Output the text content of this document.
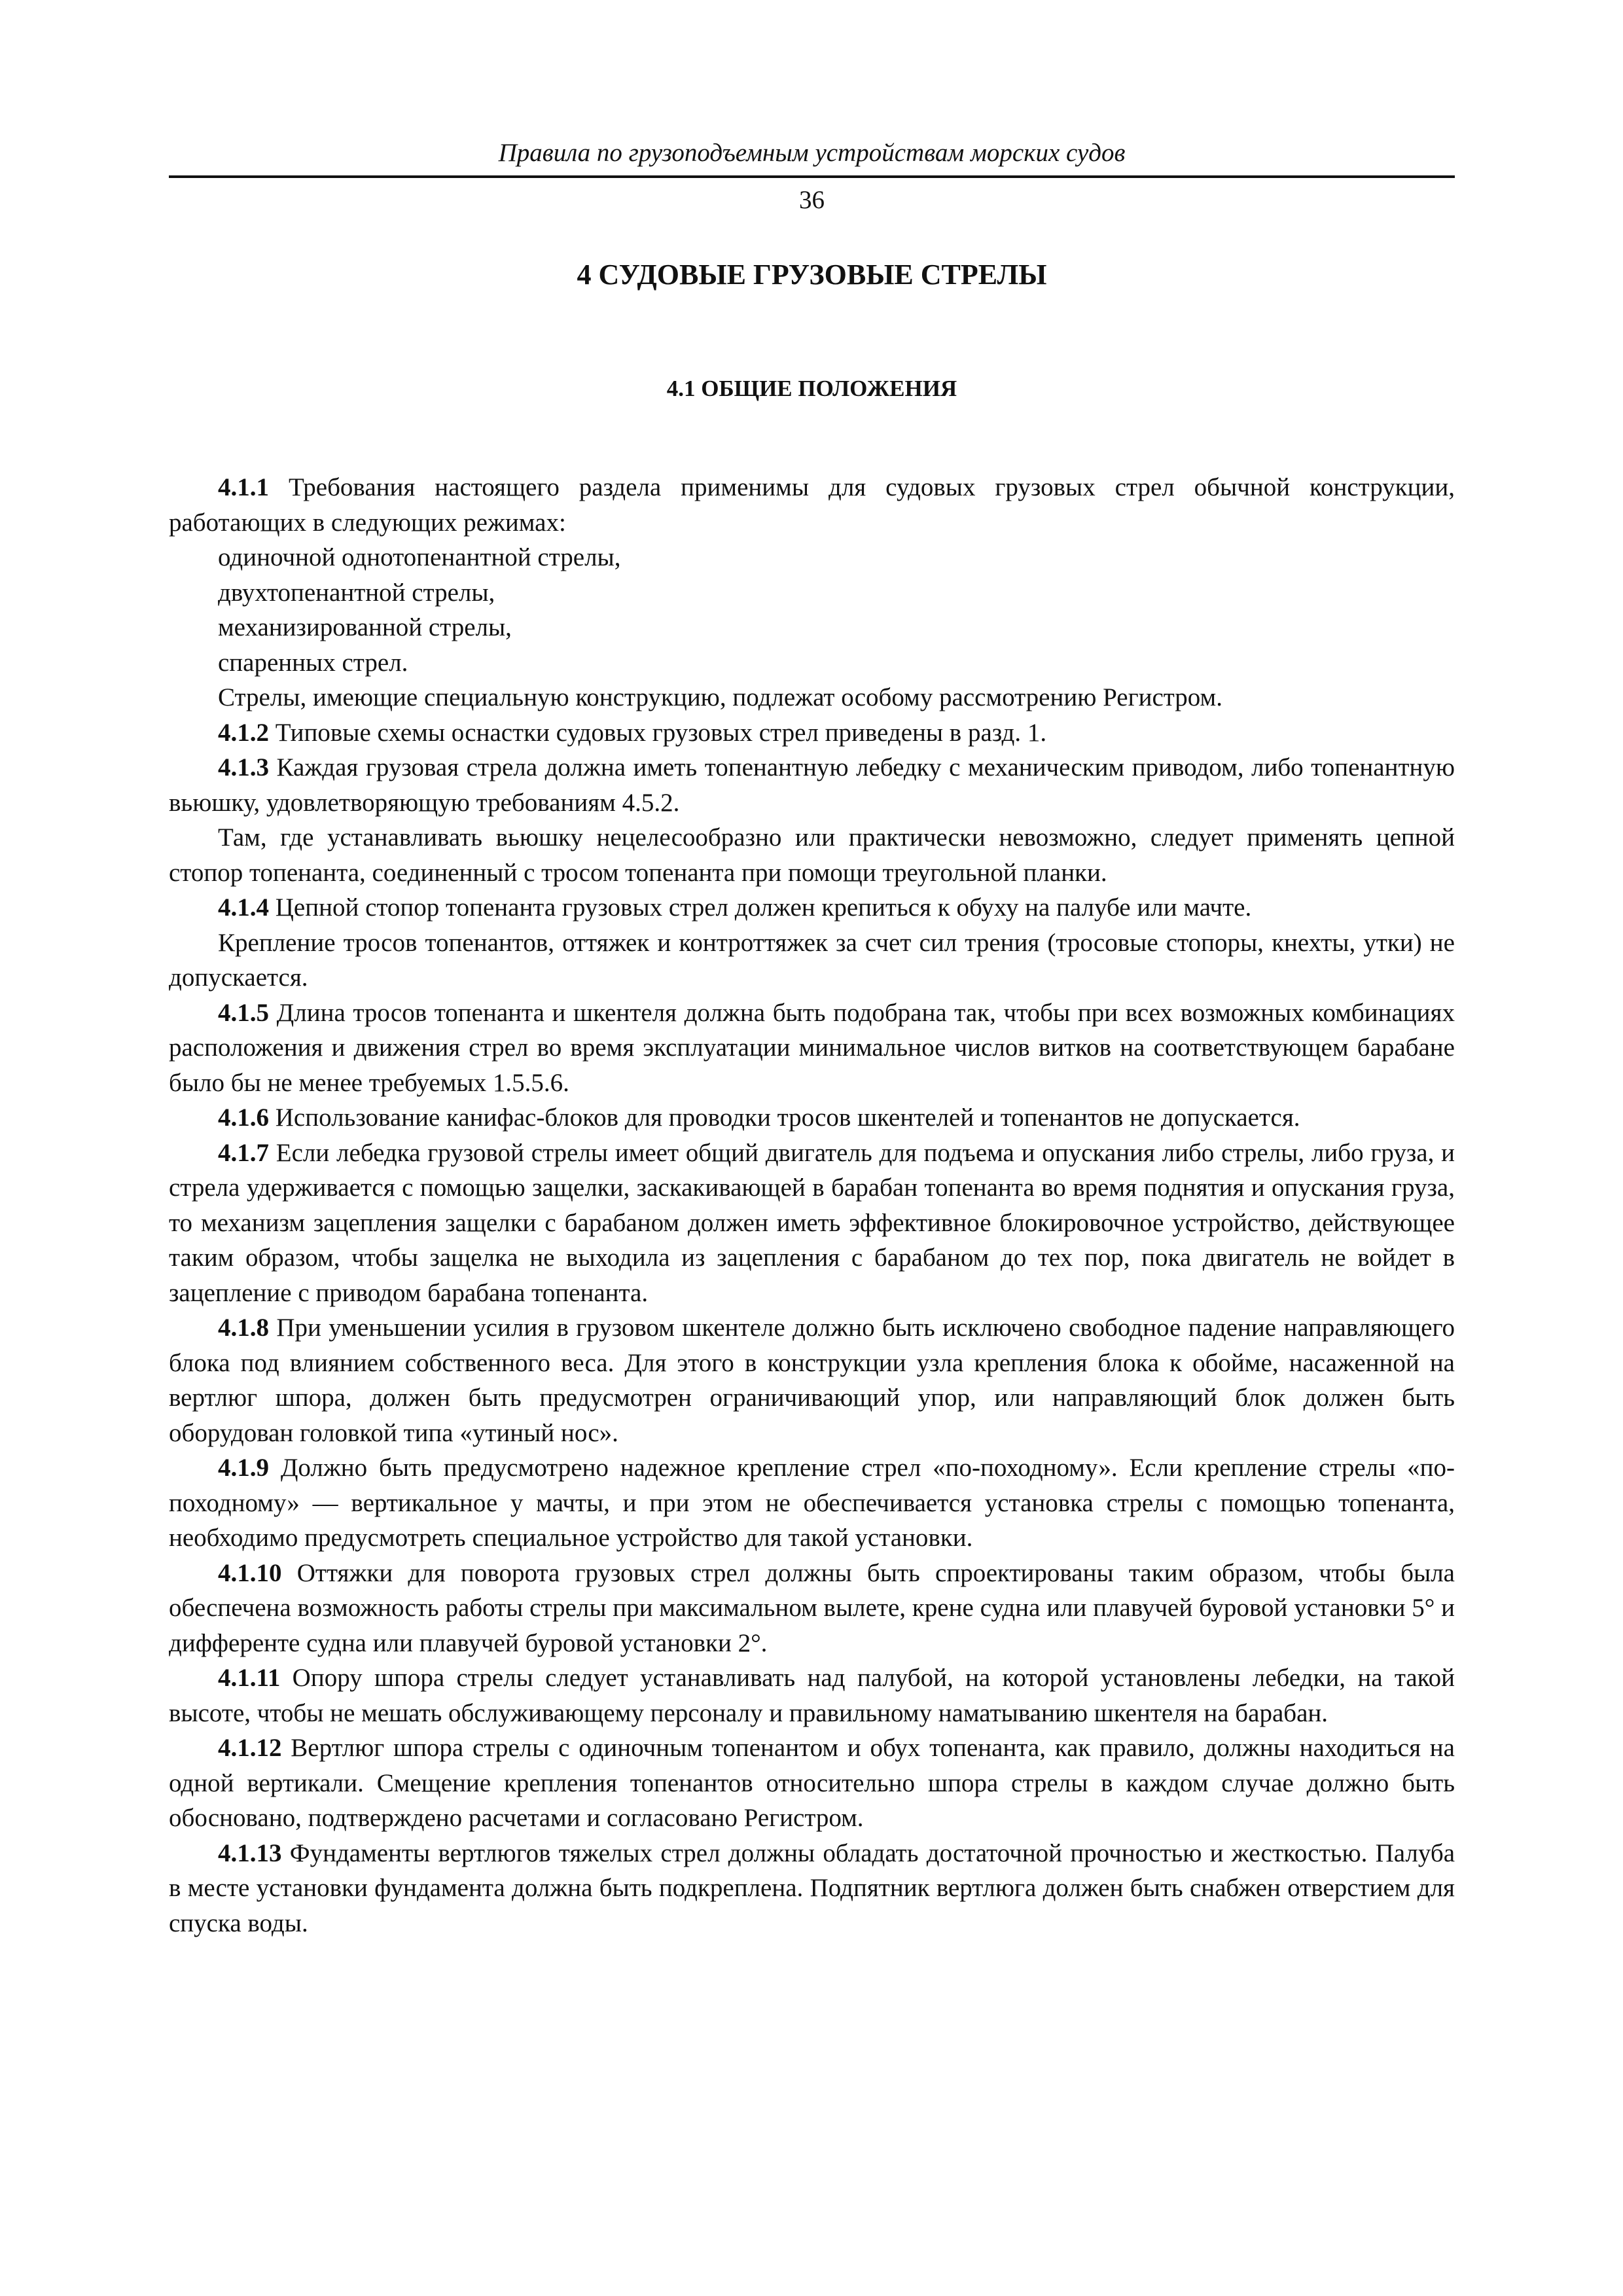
Правила по грузоподъемным устройствам морских судов
36
4 СУДОВЫЕ ГРУЗОВЫЕ СТРЕЛЫ
4.1 ОБЩИЕ ПОЛОЖЕНИЯ

4.1.1 Требования настоящего раздела применимы для судовых грузовых стрел обычной конструкции, работающих в следующих режимах:

одиночной однотопенантной стрелы,

двухтопенантной стрелы,

механизированной стрелы,

спаренных стрел.

Стрелы, имеющие специальную конструкцию, подлежат особому рассмотрению Регистром.

4.1.2 Типовые схемы оснастки судовых грузовых стрел приведены в разд. 1.

4.1.3 Каждая грузовая стрела должна иметь топенантную лебедку с механическим приводом, либо топенантную вьюшку, удовлетворяющую требованиям 4.5.2.

Там, где устанавливать вьюшку нецелесообразно или практически невозможно, следует применять цепной стопор топенанта, соединенный с тросом топенанта при помощи треугольной планки.

4.1.4 Цепной стопор топенанта грузовых стрел должен крепиться к обуху на палубе или мачте.

Крепление тросов топенантов, оттяжек и контроттяжек за счет сил трения (тросовые стопоры, кнехты, утки) не допускается.

4.1.5 Длина тросов топенанта и шкентеля должна быть подобрана так, чтобы при всех возможных комбинациях расположения и движения стрел во время эксплуатации минимальное числов витков на соответствующем барабане было бы не менее требуемых 1.5.5.6.

4.1.6 Использование канифас-блоков для проводки тросов шкентелей и топенантов не допускается.

4.1.7 Если лебедка грузовой стрелы имеет общий двигатель для подъема и опускания либо стрелы, либо груза, и стрела удерживается с помощью защелки, заскакивающей в барабан топенанта во время поднятия и опускания груза, то механизм зацепления защелки с барабаном должен иметь эффективное блокировочное устройство, действующее таким образом, чтобы защелка не выходила из зацепления с барабаном до тех пор, пока двигатель не войдет в зацепление с приводом барабана топенанта.

4.1.8 При уменьшении усилия в грузовом шкентеле должно быть исключено свободное падение направляющего блока под влиянием собственного веса. Для этого в конструкции узла крепления блока к обойме, насаженной на вертлюг шпора, должен быть предусмотрен ограничивающий упор, или направляющий блок должен быть оборудован головкой типа «утиный нос».

4.1.9 Должно быть предусмотрено надежное крепление стрел «по-походному». Если крепление стрелы «по-походному» — вертикальное у мачты, и при этом не обеспечивается установка стрелы с помощью топенанта, необходимо предусмотреть специальное устройство для такой установки.

4.1.10 Оттяжки для поворота грузовых стрел должны быть спроектированы таким образом, чтобы была обеспечена возможность работы стрелы при максимальном вылете, крене судна или плавучей буровой установки 5° и дифференте судна или плавучей буровой установки 2°.

4.1.11 Опору шпора стрелы следует устанавливать над палубой, на которой установлены лебедки, на такой высоте, чтобы не мешать обслуживающему персоналу и правильному наматыванию шкентеля на барабан.

4.1.12 Вертлюг шпора стрелы с одиночным топенантом и обух топенанта, как правило, должны находиться на одной вертикали. Смещение крепления топенантов относительно шпора стрелы в каждом случае должно быть обосновано, подтверждено расчетами и согласовано Регистром.

4.1.13 Фундаменты вертлюгов тяжелых стрел должны обладать достаточной прочностью и жесткостью. Палуба в месте установки фундамента должна быть подкреплена. Подпятник вертлюга должен быть снабжен отверстием для спуска воды.
